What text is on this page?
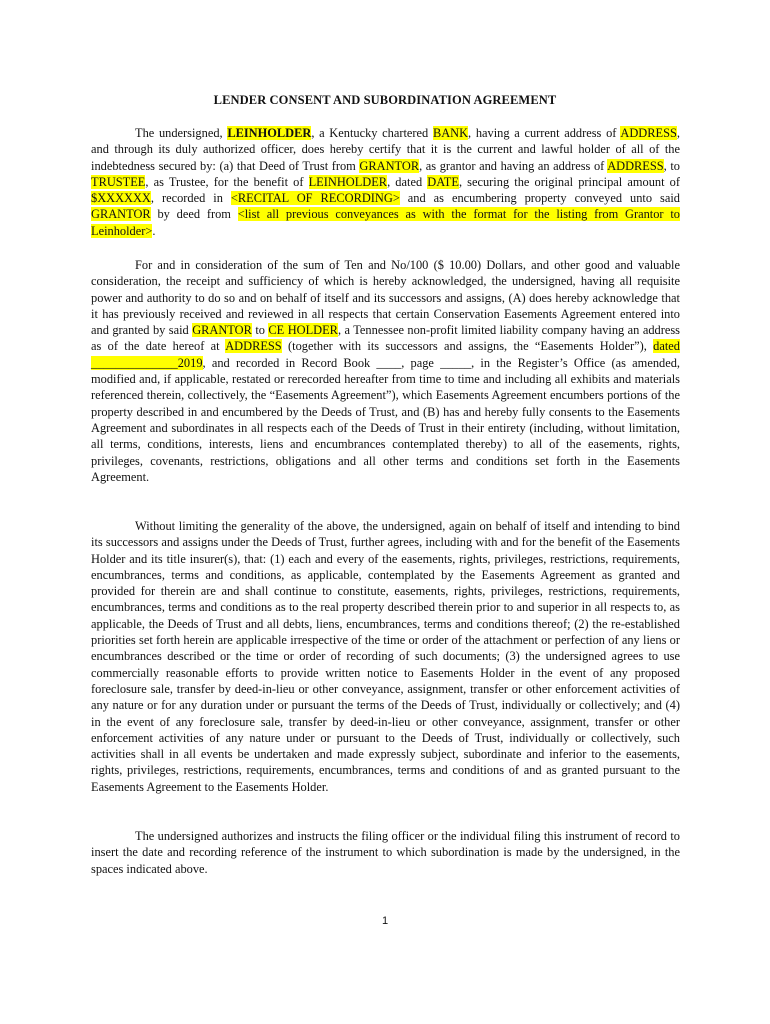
LENDER CONSENT AND SUBORDINATION AGREEMENT

The undersigned, LEINHOLDER, a Kentucky chartered BANK, having a current address of ADDRESS, and through its duly authorized officer, does hereby certify that it is the current and lawful holder of all of the indebtedness secured by: (a) that Deed of Trust from GRANTOR, as grantor and having an address of ADDRESS, to TRUSTEE, as Trustee, for the benefit of LEINHOLDER, dated DATE, securing the original principal amount of $XXXXXX, recorded in <RECITAL OF RECORDING> and as encumbering property conveyed unto said GRANTOR by deed from <list all previous conveyances as with the format for the listing from Grantor to Leinholder>.

For and in consideration of the sum of Ten and No/100 ($ 10.00) Dollars, and other good and valuable consideration, the receipt and sufficiency of which is hereby acknowledged, the undersigned, having all requisite power and authority to do so and on behalf of itself and its successors and assigns, (A) does hereby acknowledge that it has previously received and reviewed in all respects that certain Conservation Easements Agreement entered into and granted by said GRANTOR to CE HOLDER, a Tennessee non-profit limited liability company having an address as of the date hereof at ADDRESS (together with its successors and assigns, the “Easements Holder”), dated ______________2019, and recorded in Record Book ____, page _____, in the Register’s Office (as amended, modified and, if applicable, restated or rerecorded hereafter from time to time and including all exhibits and materials referenced therein, collectively, the “Easements Agreement”), which Easements Agreement encumbers portions of the property described in and encumbered by the Deeds of Trust, and (B) has and hereby fully consents to the Easements Agreement and subordinates in all respects each of the Deeds of Trust in their entirety (including, without limitation, all terms, conditions, interests, liens and encumbrances contemplated thereby) to all of the easements, rights, privileges, covenants, restrictions, obligations and all other terms and conditions set forth in the Easements Agreement.

Without limiting the generality of the above, the undersigned, again on behalf of itself and intending to bind its successors and assigns under the Deeds of Trust, further agrees, including with and for the benefit of the Easements Holder and its title insurer(s), that: (1) each and every of the easements, rights, privileges, restrictions, requirements, encumbrances, terms and conditions, as applicable, contemplated by the Easements Agreement as granted and provided for therein are and shall continue to constitute, easements, rights, privileges, restrictions, requirements, encumbrances, terms and conditions as to the real property described therein prior to and superior in all respects to, as applicable, the Deeds of Trust and all debts, liens, encumbrances, terms and conditions thereof; (2) the re-established priorities set forth herein are applicable irrespective of the time or order of the attachment or perfection of any liens or encumbrances described or the time or order of recording of such documents; (3) the undersigned agrees to use commercially reasonable efforts to provide written notice to Easements Holder in the event of any proposed foreclosure sale, transfer by deed-in-lieu or other conveyance, assignment, transfer or other enforcement activities of any nature or for any duration under or pursuant the terms of the Deeds of Trust, individually or collectively; and (4) in the event of any foreclosure sale, transfer by deed-in-lieu or other conveyance, assignment, transfer or other enforcement activities of any nature under or pursuant to the Deeds of Trust, individually or collectively, such activities shall in all events be undertaken and made expressly subject, subordinate and inferior to the easements, rights, privileges, restrictions, requirements, encumbrances, terms and conditions of and as granted pursuant to the Easements Agreement to the Easements Holder.

The undersigned authorizes and instructs the filing officer or the individual filing this instrument of record to insert the date and recording reference of the instrument to which subordination is made by the undersigned, in the spaces indicated above.

1
